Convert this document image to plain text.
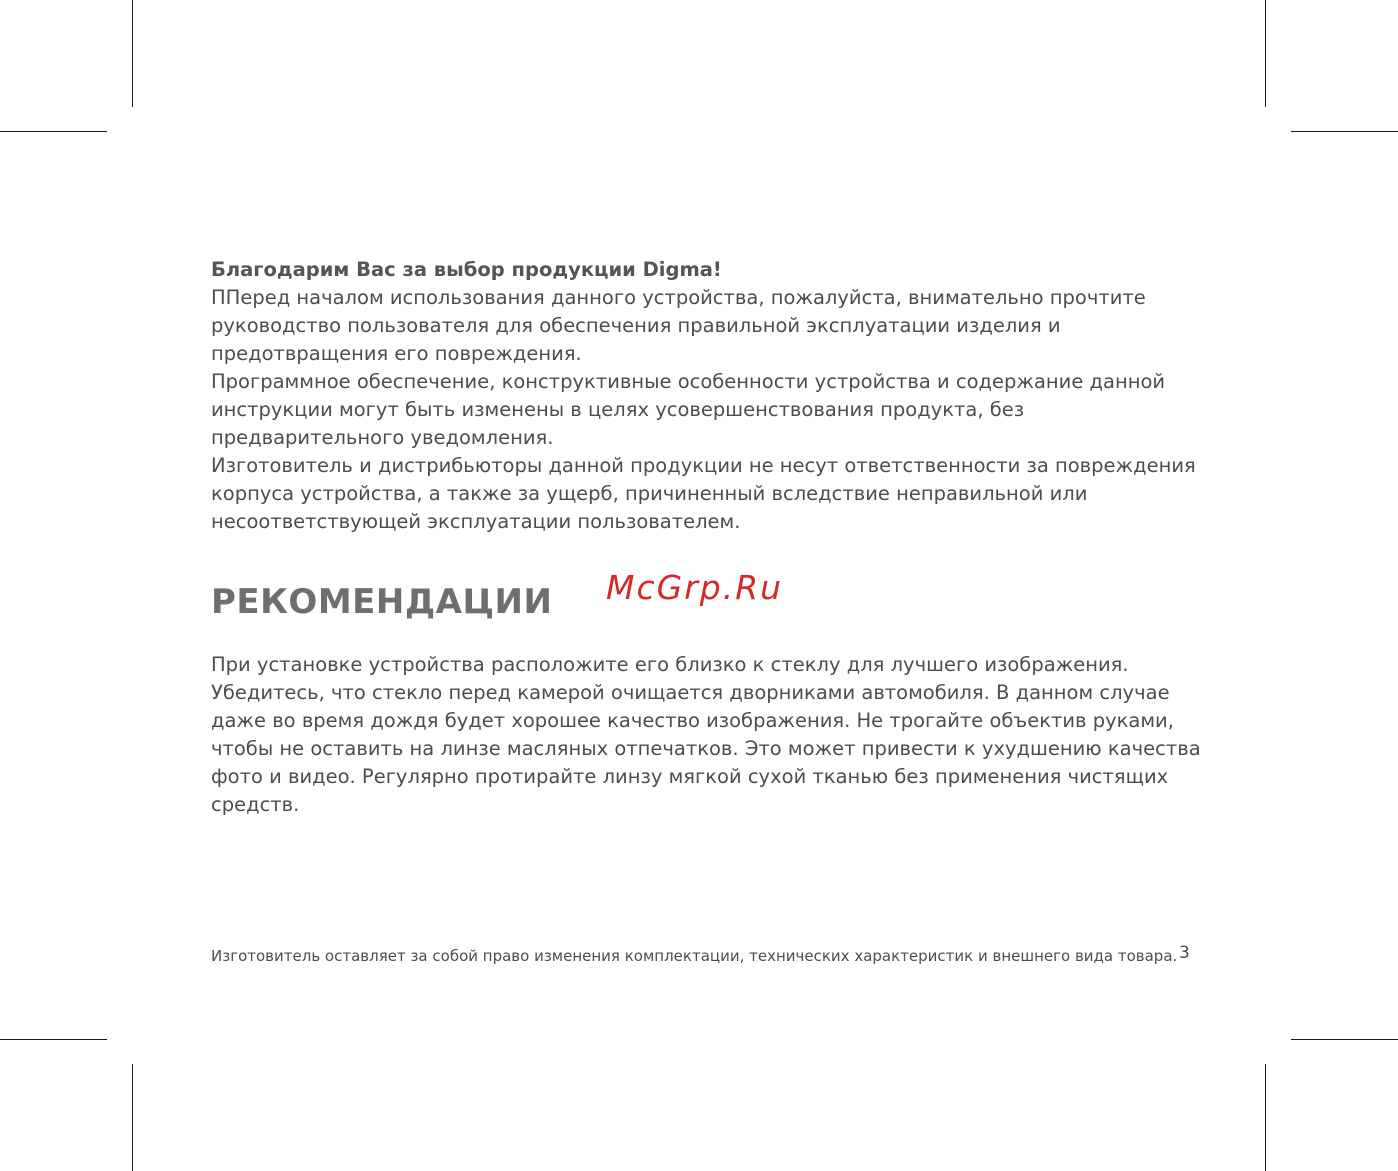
Благодарим Вас за выбор продукции Digma!

ППеред началом использования данного устройства, пожалуйста, внимательно прочтите

руководство пользователя для обеспечения правильной эксплуатации изделия и

предотвращения его повреждения.

Программное обеспечение, конструктивные особенности устройства и содержание данной

инструкции могут быть изменены в целях усовершенствования продукта, без

предварительного уведомления.

Изготовитель и дистрибьюторы данной продукции не несут ответственности за повреждения

корпуса устройства, а также за ущерб, причиненный вследствие неправильной или

несоответствующей эксплуатации пользователем.

РЕКОМЕНДАЦИИ McGrp.Ru

При установке устройства расположите его близко к стеклу для лучшего изображения.

Убедитесь, что стекло перед камерой очищается дворниками автомобиля. В данном случае

даже во время дождя будет хорошее качество изображения. Не трогайте объектив руками,

чтобы не оставить на линзе масляных отпечатков. Это может привести к ухудшению качества

фото и видео. Регулярно протирайте линзу мягкой сухой тканью без применения чистящих

средств.

Изготовитель оставляет за собой право изменения комплектации, технических характеристик и внешнего вида товара. 3
